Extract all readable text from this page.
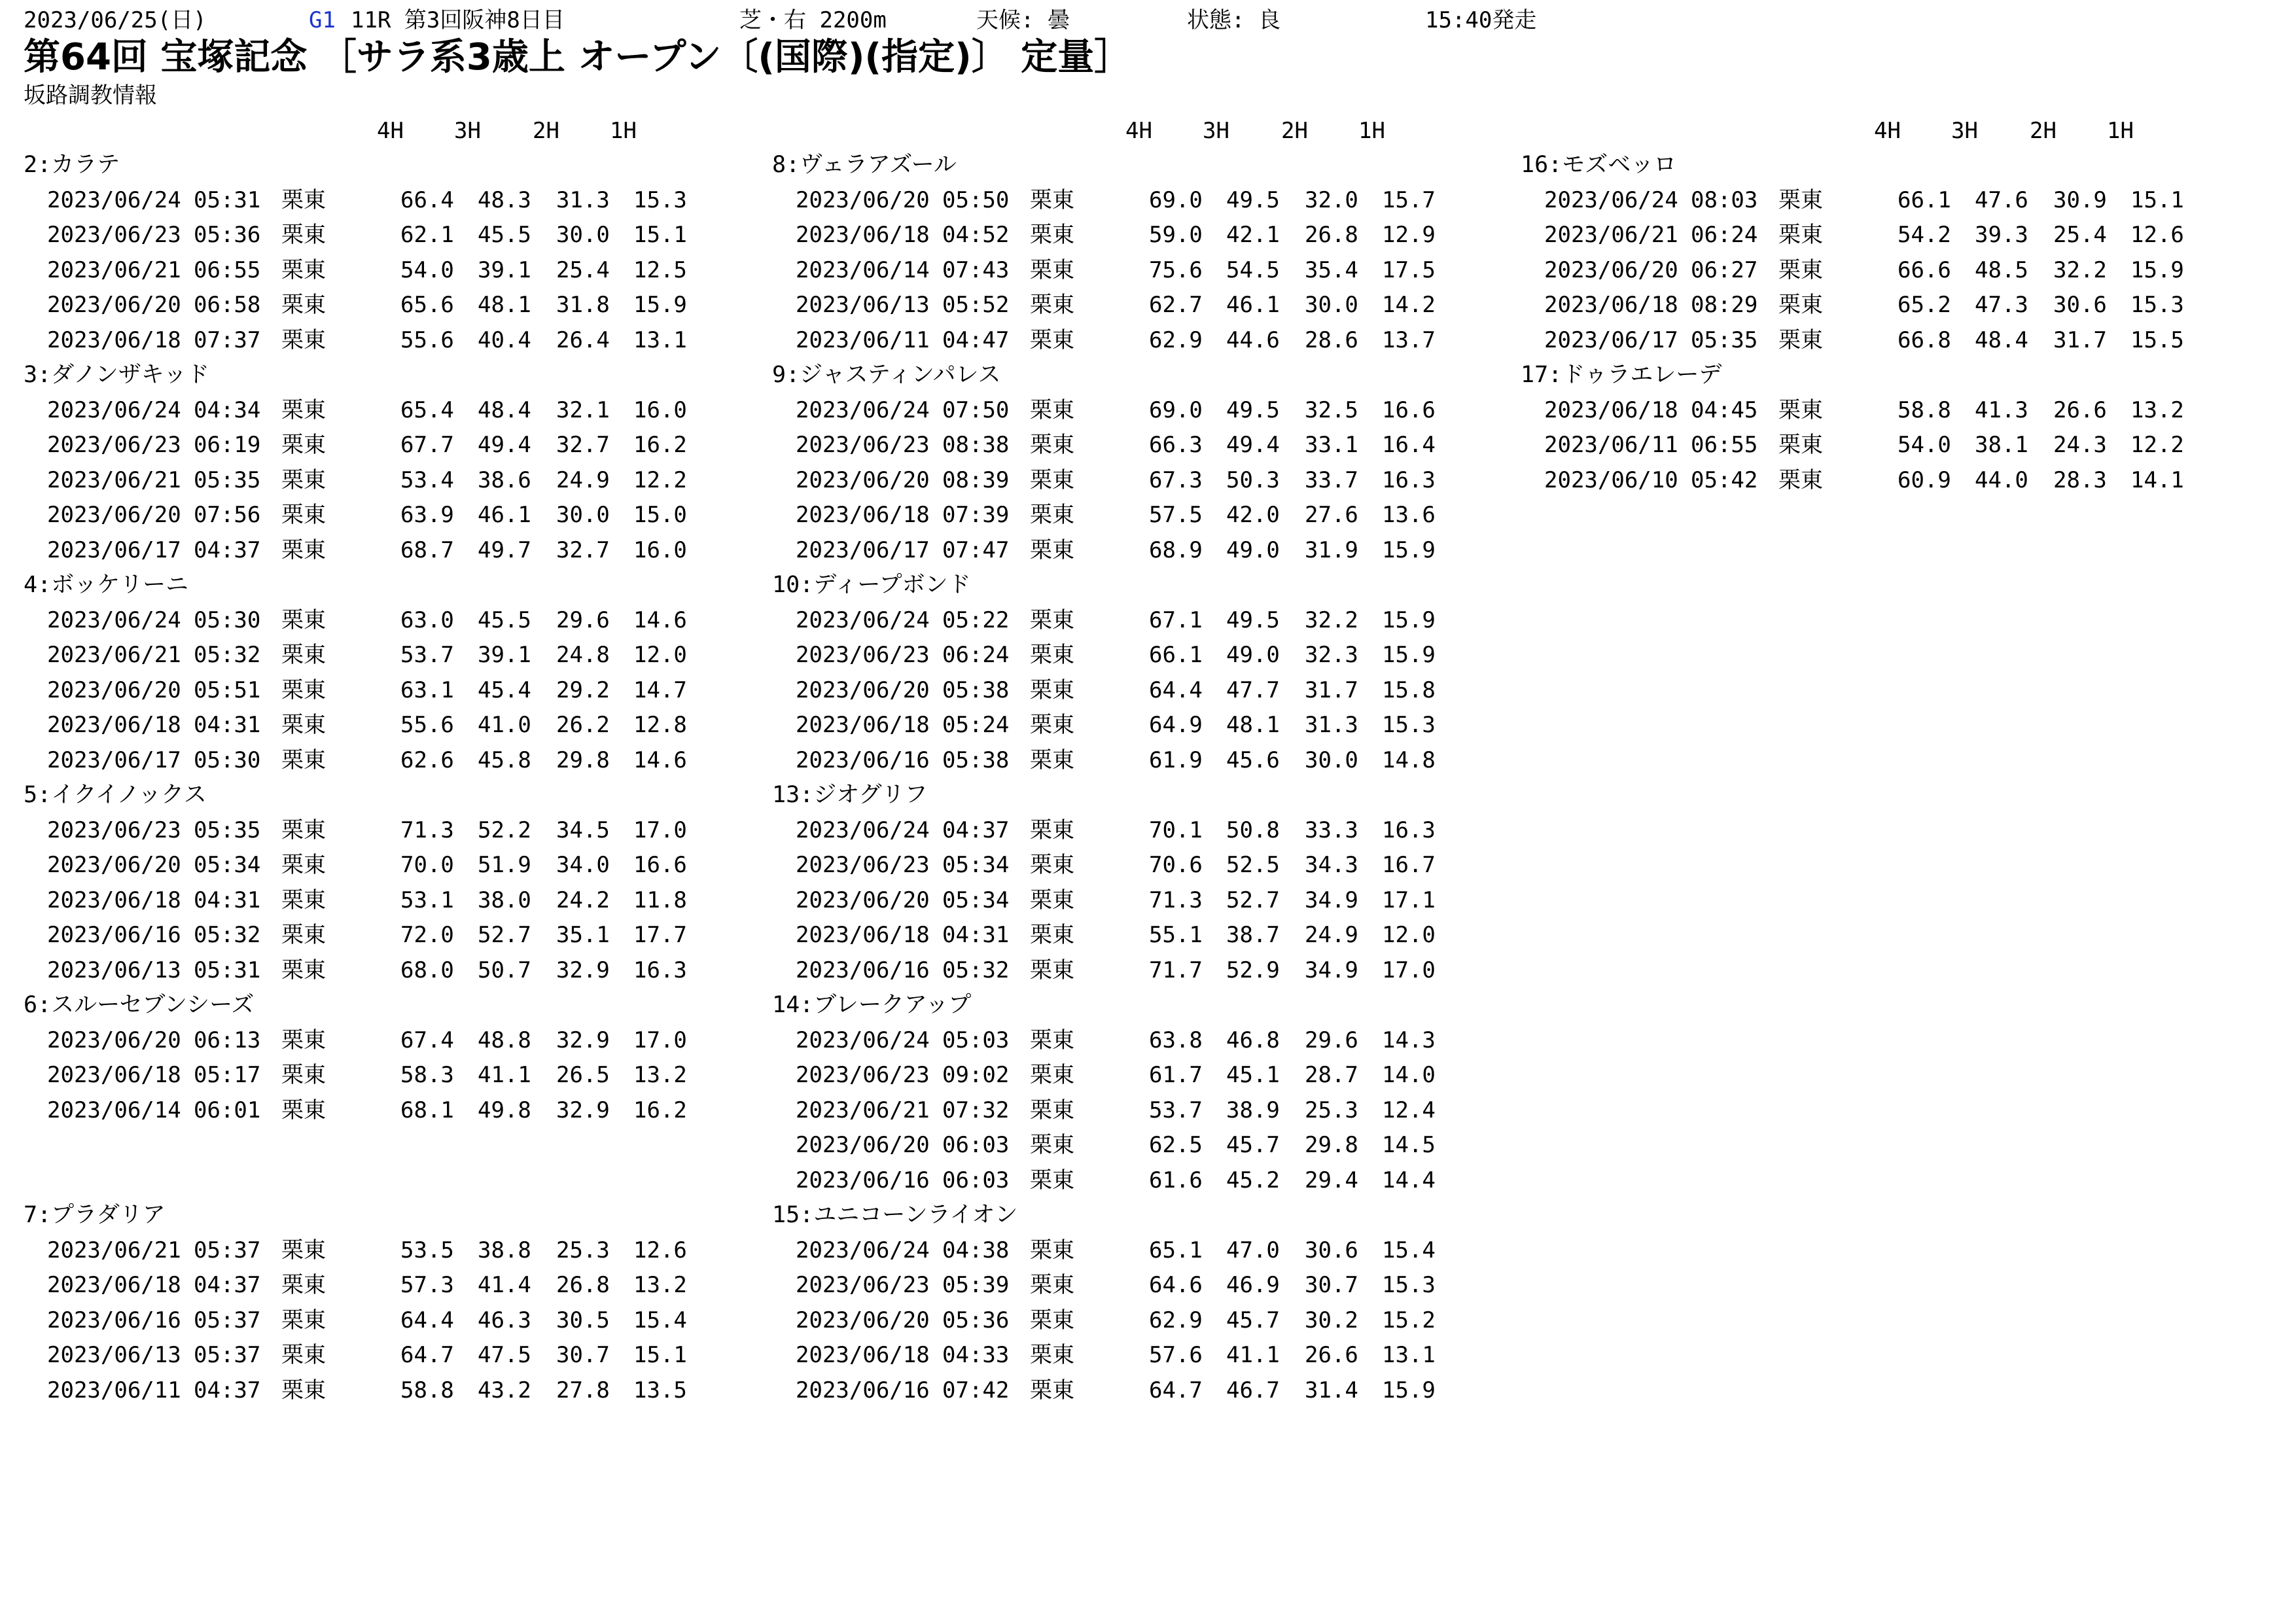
2023/06/25(日)	G1 11R 第3回阪神8日目	芝・右 2200m	天候: 曇	状態: 良	15:40発走
第64回 宝塚記念 ［サラ系3歳上 オープン〔(国際)(指定)〕 定量］
坂路調教情報
4H 3H 2H 1H
2:カラテ
2023/06/24 05:31 栗東	66.4 48.3 31.3 15.3
2023/06/23 05:36 栗東	62.1 45.5 30.0 15.1
2023/06/21 06:55 栗東	54.0 39.1 25.4 12.5
2023/06/20 06:58 栗東	65.6 48.1 31.8 15.9
2023/06/18 07:37 栗東	55.6 40.4 26.4 13.1
3:ダノンザキッド
2023/06/24 04:34 栗東	65.4 48.4 32.1 16.0
2023/06/23 06:19 栗東	67.7 49.4 32.7 16.2
2023/06/21 05:35 栗東	53.4 38.6 24.9 12.2
2023/06/20 07:56 栗東	63.9 46.1 30.0 15.0
2023/06/17 04:37 栗東	68.7 49.7 32.7 16.0
4:ボッケリーニ
2023/06/24 05:30 栗東	63.0 45.5 29.6 14.6
2023/06/21 05:32 栗東	53.7 39.1 24.8 12.0
2023/06/20 05:51 栗東	63.1 45.4 29.2 14.7
2023/06/18 04:31 栗東	55.6 41.0 26.2 12.8
2023/06/17 05:30 栗東	62.6 45.8 29.8 14.6
5:イクイノックス
2023/06/23 05:35 栗東	71.3 52.2 34.5 17.0
2023/06/20 05:34 栗東	70.0 51.9 34.0 16.6
2023/06/18 04:31 栗東	53.1 38.0 24.2 11.8
2023/06/16 05:32 栗東	72.0 52.7 35.1 17.7
2023/06/13 05:31 栗東	68.0 50.7 32.9 16.3
6:スルーセブンシーズ
2023/06/20 06:13 栗東	67.4 48.8 32.9 17.0
2023/06/18 05:17 栗東	58.3 41.1 26.5 13.2
2023/06/14 06:01 栗東	68.1 49.8 32.9 16.2
7:プラダリア
2023/06/21 05:37 栗東	53.5 38.8 25.3 12.6
2023/06/18 04:37 栗東	57.3 41.4 26.8 13.2
2023/06/16 05:37 栗東	64.4 46.3 30.5 15.4
2023/06/13 05:37 栗東	64.7 47.5 30.7 15.1
2023/06/11 04:37 栗東	58.8 43.2 27.8 13.5
4H 3H 2H 1H
8:ヴェラアズール
2023/06/20 05:50 栗東	69.0 49.5 32.0 15.7
2023/06/18 04:52 栗東	59.0 42.1 26.8 12.9
2023/06/14 07:43 栗東	75.6 54.5 35.4 17.5
2023/06/13 05:52 栗東	62.7 46.1 30.0 14.2
2023/06/11 04:47 栗東	62.9 44.6 28.6 13.7
9:ジャスティンパレス
2023/06/24 07:50 栗東	69.0 49.5 32.5 16.6
2023/06/23 08:38 栗東	66.3 49.4 33.1 16.4
2023/06/20 08:39 栗東	67.3 50.3 33.7 16.3
2023/06/18 07:39 栗東	57.5 42.0 27.6 13.6
2023/06/17 07:47 栗東	68.9 49.0 31.9 15.9
10:ディープボンド
2023/06/24 05:22 栗東	67.1 49.5 32.2 15.9
2023/06/23 06:24 栗東	66.1 49.0 32.3 15.9
2023/06/20 05:38 栗東	64.4 47.7 31.7 15.8
2023/06/18 05:24 栗東	64.9 48.1 31.3 15.3
2023/06/16 05:38 栗東	61.9 45.6 30.0 14.8
13:ジオグリフ
2023/06/24 04:37 栗東	70.1 50.8 33.3 16.3
2023/06/23 05:34 栗東	70.6 52.5 34.3 16.7
2023/06/20 05:34 栗東	71.3 52.7 34.9 17.1
2023/06/18 04:31 栗東	55.1 38.7 24.9 12.0
2023/06/16 05:32 栗東	71.7 52.9 34.9 17.0
14:ブレークアップ
2023/06/24 05:03 栗東	63.8 46.8 29.6 14.3
2023/06/23 09:02 栗東	61.7 45.1 28.7 14.0
2023/06/21 07:32 栗東	53.7 38.9 25.3 12.4
2023/06/20 06:03 栗東	62.5 45.7 29.8 14.5
2023/06/16 06:03 栗東	61.6 45.2 29.4 14.4
15:ユニコーンライオン
2023/06/24 04:38 栗東	65.1 47.0 30.6 15.4
2023/06/23 05:39 栗東	64.6 46.9 30.7 15.3
2023/06/20 05:36 栗東	62.9 45.7 30.2 15.2
2023/06/18 04:33 栗東	57.6 41.1 26.6 13.1
2023/06/16 07:42 栗東	64.7 46.7 31.4 15.9
4H 3H 2H 1H
16:モズベッロ
2023/06/24 08:03 栗東	66.1 47.6 30.9 15.1
2023/06/21 06:24 栗東	54.2 39.3 25.4 12.6
2023/06/20 06:27 栗東	66.6 48.5 32.2 15.9
2023/06/18 08:29 栗東	65.2 47.3 30.6 15.3
2023/06/17 05:35 栗東	66.8 48.4 31.7 15.5
17:ドゥラエレーデ
2023/06/18 04:45 栗東	58.8 41.3 26.6 13.2
2023/06/11 06:55 栗東	54.0 38.1 24.3 12.2
2023/06/10 05:42 栗東	60.9 44.0 28.3 14.1
